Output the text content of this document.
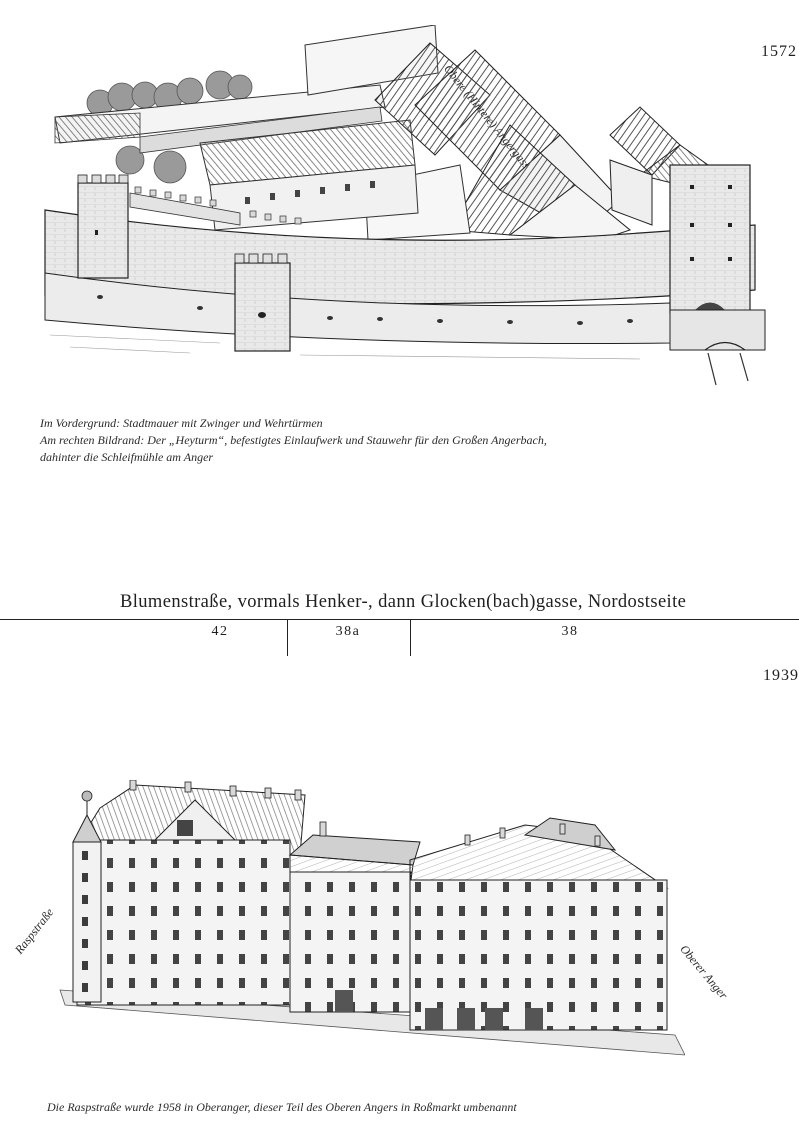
1572
Im Vordergrund: Stadtmauer mit Zwinger und Wehrtürmen
Am rechten Bildrand: Der „Heyturm“, befestigtes Einlaufwerk und Stauwehr für den Großen Angerbach,
dahinter die Schleifmühle am Anger
Blumenstraße, vormals Henker-, dann Glocken(bach)gasse, Nordostseite
42	38a	38
1939
Raspstraße
Oberer Anger
Die Raspstraße wurde 1958 in Oberanger, dieser Teil des Oberen Angers in Roßmarkt umbenannt
